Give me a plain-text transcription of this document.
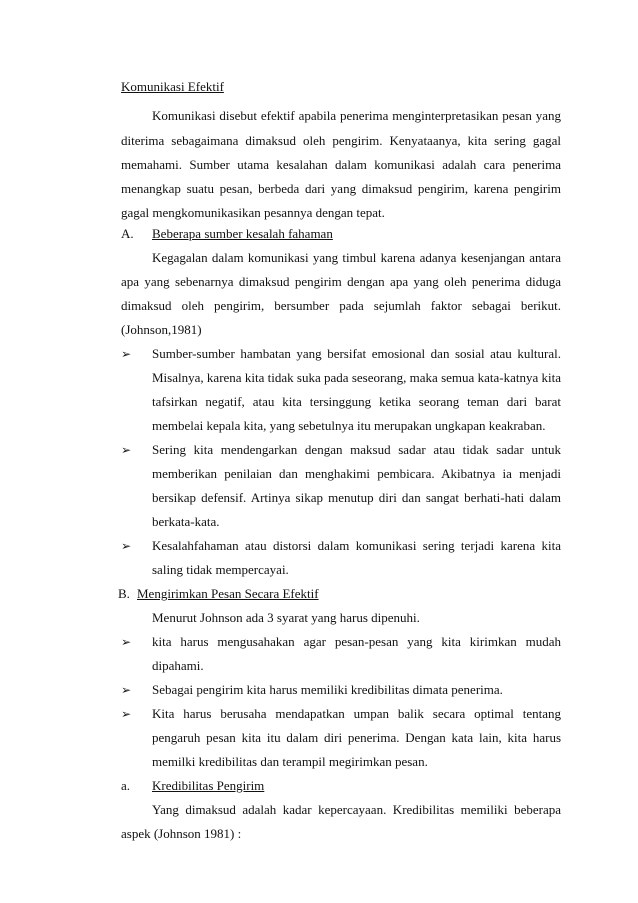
Komunikasi Efektif
Komunikasi disebut efektif apabila penerima menginterpretasikan pesan yang
diterima sebagaimana dimaksud oleh pengirim. Kenyataanya, kita sering gagal
memahami. Sumber utama kesalahan dalam komunikasi adalah cara penerima
menangkap suatu pesan, berbeda dari yang dimaksud pengirim, karena pengirim
gagal mengkomunikasikan pesannya dengan tepat.
A.	Beberapa sumber kesalah fahaman
Kegagalan dalam komunikasi yang timbul karena adanya kesenjangan antara
apa yang sebenarnya dimaksud pengirim dengan apa yang oleh penerima diduga
dimaksud oleh pengirim, bersumber pada sejumlah faktor sebagai berikut.
(Johnson,1981)
➢	Sumber-sumber hambatan yang bersifat emosional dan sosial atau kultural.
Misalnya, karena kita tidak suka pada seseorang, maka semua kata-katnya kita
tafsirkan negatif, atau kita tersinggung ketika seorang teman dari barat
membelai kepala kita, yang sebetulnya itu merupakan ungkapan keakraban.
➢	Sering kita mendengarkan dengan maksud sadar atau tidak sadar untuk
memberikan penilaian dan menghakimi pembicara. Akibatnya ia menjadi
bersikap defensif. Artinya sikap menutup diri dan sangat berhati-hati dalam
berkata-kata.
➢	Kesalahfahaman atau distorsi dalam komunikasi sering terjadi karena kita
saling tidak mempercayai.
B. Mengirimkan Pesan Secara Efektif
Menurut Johnson ada 3 syarat yang harus dipenuhi.
➢	kita harus mengusahakan agar pesan-pesan yang kita kirimkan mudah
dipahami.
➢	Sebagai pengirim kita harus memiliki kredibilitas dimata penerima.
➢	Kita harus berusaha mendapatkan umpan balik secara optimal tentang
pengaruh pesan kita itu dalam diri penerima. Dengan kata lain, kita harus
memilki kredibilitas dan terampil megirimkan pesan.
a.	Kredibilitas Pengirim
Yang dimaksud adalah kadar kepercayaan. Kredibilitas memiliki beberapa
aspek (Johnson 1981) :
